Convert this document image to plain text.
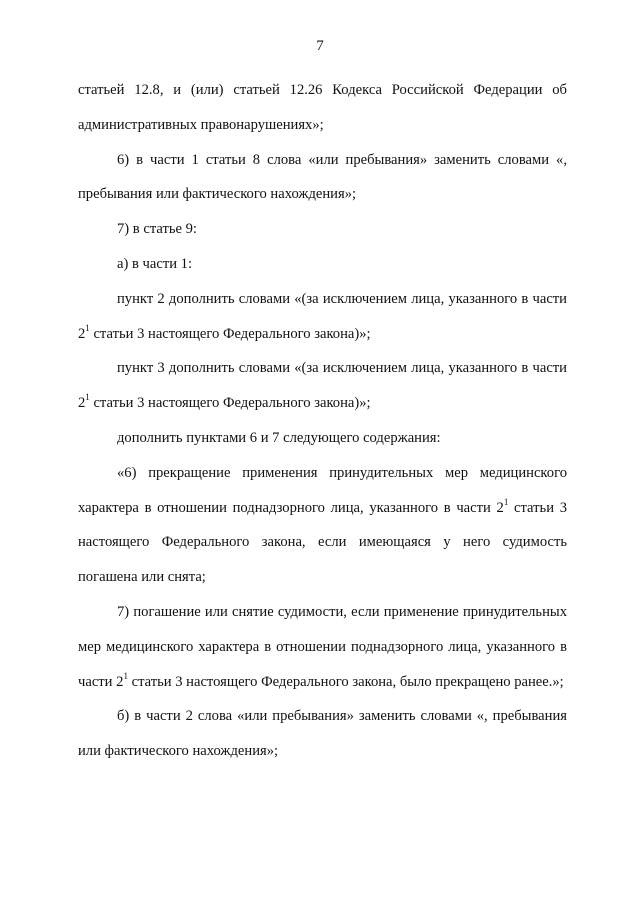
7

статьей 12.8, и (или) статьей 12.26 Кодекса Российской Федерации об административных правонарушениях»;

6) в части 1 статьи 8 слова «или пребывания» заменить словами «, пребывания или фактического нахождения»;

7) в статье 9:

а) в части 1:

пункт 2 дополнить словами «(за исключением лица, указанного в части $2^1$ статьи 3 настоящего Федерального закона)»;

пункт 3 дополнить словами «(за исключением лица, указанного в части $2^1$ статьи 3 настоящего Федерального закона)»;

дополнить пунктами 6 и 7 следующего содержания:

«6) прекращение применения принудительных мер медицинского характера в отношении поднадзорного лица, указанного в части $2^1$ статьи 3 настоящего Федерального закона, если имеющаяся у него судимость погашена или снята;

7) погашение или снятие судимости, если применение принудительных мер медицинского характера в отношении поднадзорного лица, указанного в части $2^1$ статьи 3 настоящего Федерального закона, было прекращено ранее.»;

б) в части 2 слова «или пребывания» заменить словами «, пребывания или фактического нахождения»;
